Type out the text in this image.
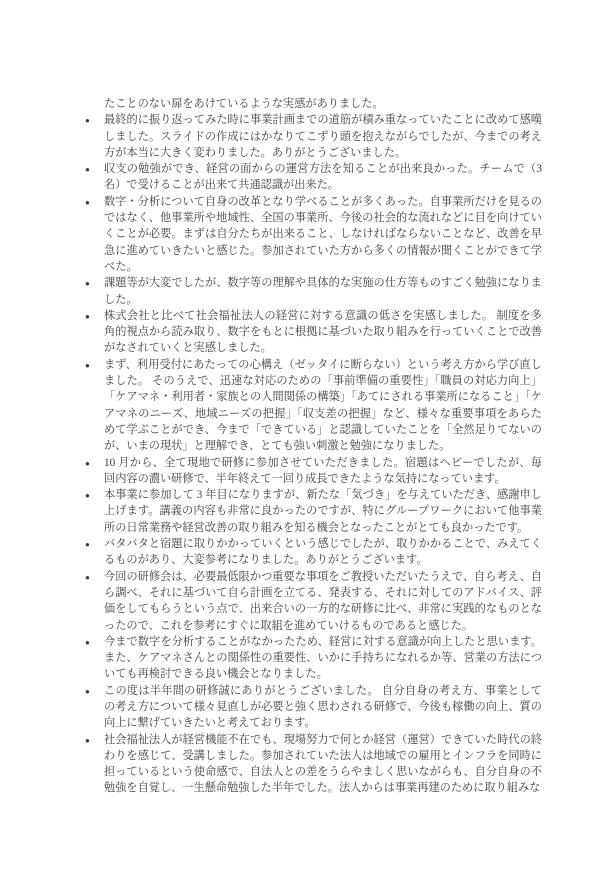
たことのない扉をあけているような実感がありました。

● 最終的に振り返ってみた時に事業計画までの道筋が積み重なっていたことに改めて感嘆しました。スライドの作成にはかなりてこずり頭を抱えながらでしたが、今までの考え方が本当に大きく変わりました。ありがとうございました。

● 収支の勉強ができ、経営の面からの運営方法を知ることが出来良かった。チームで（3名）で受けることが出来て共通認識が出来た。

● 数字・分析について自身の改革となり学べることが多くあった。自事業所だけを見るのではなく、他事業所や地域性、全国の事業所、今後の社会的な流れなどに目を向けていくことが必要。まずは自分たちが出来ること、しなければならないことなど、改善を早急に進めていきたいと感じた。参加されていた方から多くの情報が聞くことができて学べた。

● 課題等が大変でしたが、数字等の理解や具体的な実施の仕方等ものすごく勉強になりました。

● 株式会社と比べて社会福祉法人の経営に対する意識の低さを実感しました。 制度を多角的視点から読み取り、数字をもとに根拠に基づいた取り組みを行っていくことで改善がなされていくと実感しました。

● まず、利用受付にあたっての心構え（ゼッタイに断らない）という考え方から学び直しました。 そのうえで、迅速な対応のための「事前準備の重要性」「職員の対応力向上」「ケアマネ・利用者・家族との人間関係の構築」「あてにされる事業所になること」「ケアマネのニーズ、地域ニーズの把握」「収支差の把握」など、様々な重要事項をあらためて学ぶことができ、今まで「できている」と認識していたことを「全然足りてないのが、いまの現状」と理解でき、とても強い刺激と勉強になりました。

● 10 月から、全て現地で研修に参加させていただきました。宿題はヘビーでしたが、毎回内容の濃い研修で、半年終えて一回り成長できたような気持になっています。

● 本事業に参加して 3 年目になりますが、新たな「気づき」を与えていただき、感謝申し上げます。講義の内容も非常に良かったのですが、特にグループワークにおいて他事業所の日常業務や経営改善の取り組みを知る機会となったことがとても良かったです。

● バタバタと宿題に取りかかっていくという感じでしたが、取りかかることで、みえてくるものがあり、大変参考になりました。ありがとうございます。

● 今回の研修会は、必要最低限かつ重要な事項をご教授いただいたうえで、自ら考え、自ら調べ、それに基づいて自ら計画を立てる、発表する、それに対してのアドバイス、評価をしてもらうという点で、出来合いの一方的な研修に比べ、非常に実践的なものとなったので、これを参考にすぐに取組を進めていけるものであると感じた。

● 今まで数字を分析することがなかったため、経営に対する意識が向上したと思います。また、ケアマネさんとの関係性の重要性、いかに手持ちになれるか等、営業の方法についても再検討できる良い機会となりました。

● この度は半年間の研修誠にありがとうございました。 自分自身の考え方、事業としての考え方について様々見直しが必要と強く思わされる研修で、今後も稼働の向上、質の向上に繋げていきたいと考えております。

● 社会福祉法人が経営機能不在でも、現場努力で何とか経営（運営）できていた時代の終わりを感じて、受講しました。参加されていた法人は地域での雇用とインフラを同時に担っているという使命感で、自法人との差をうらやましく思いながらも、自分自身の不勉強を自覚し、一生懸命勉強した半年でした。法人からは事業再建のために取り組みな
